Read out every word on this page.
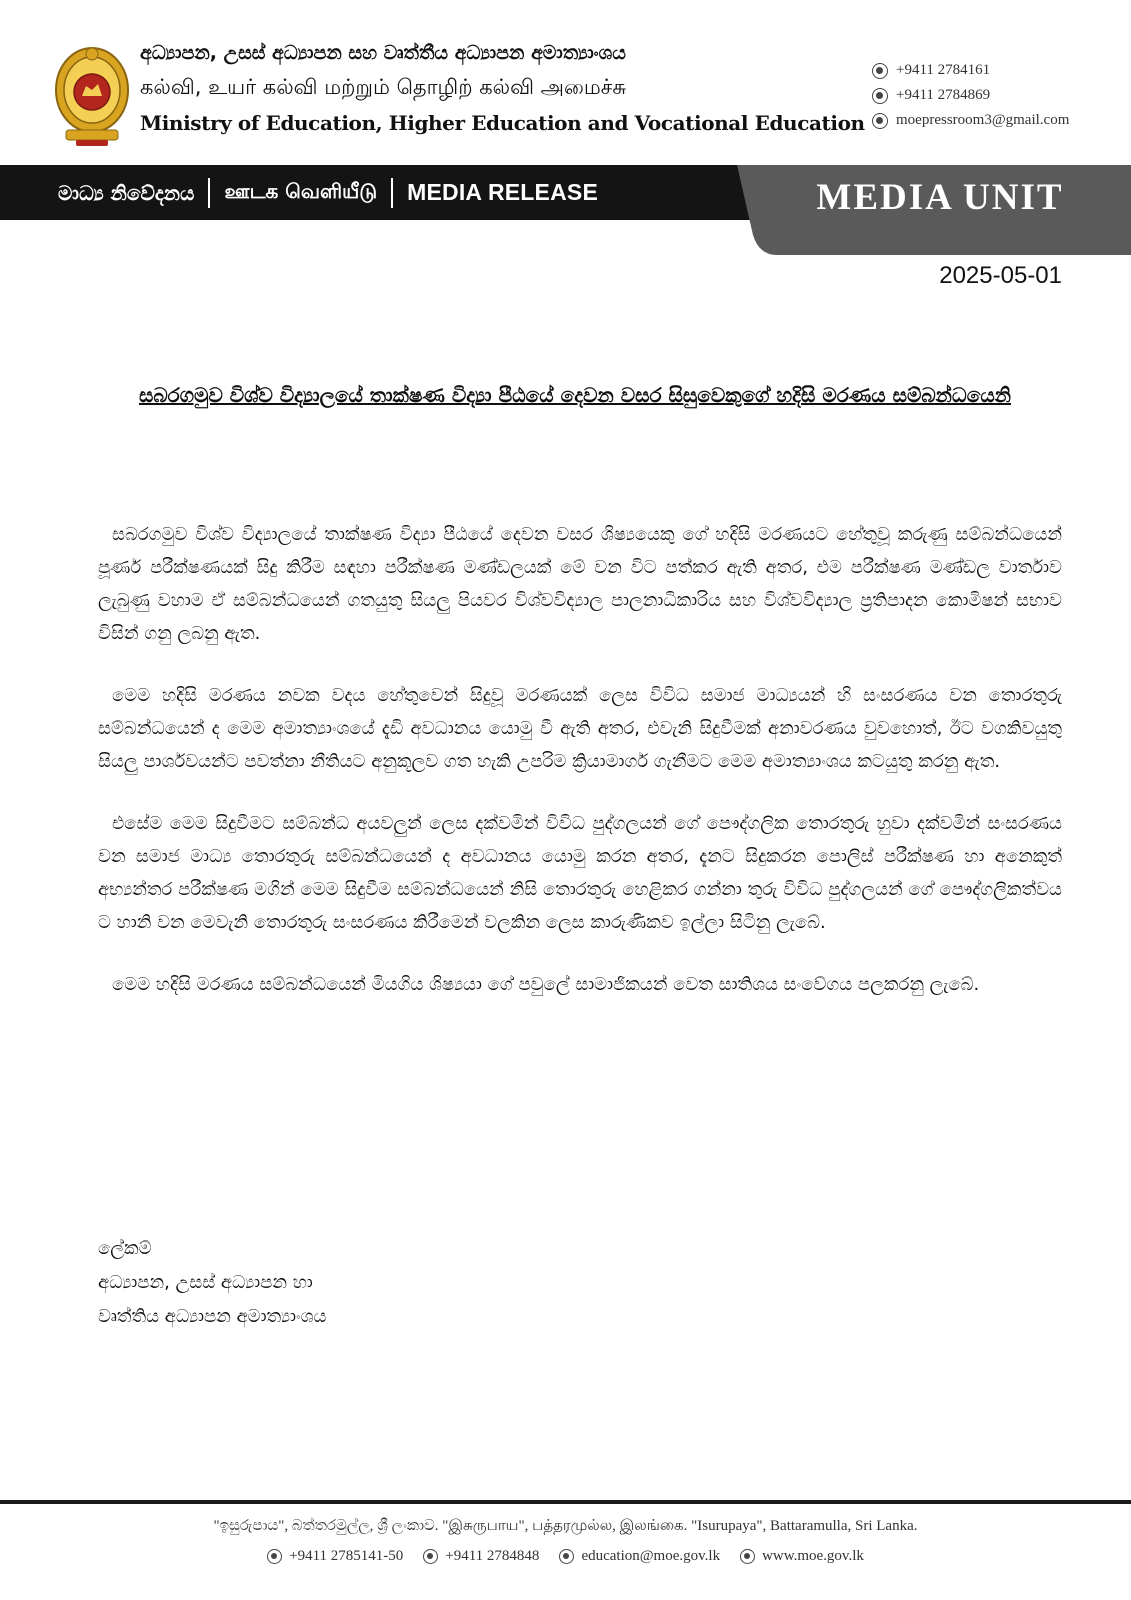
අධ්‍යාපන, උසස් අධ්‍යාපන සහ වෘත්තීය අධ්‍යාපන අමාත්‍යාංශය
கல்வி, உயர் கல்வி மற்றும் தொழிற் கல்வி அமைச்சு
Ministry of Education, Higher Education and Vocational Education
+9411 2784161
+9411 2784869
moepressroom3@gmail.com
මාධ්‍ය නිවේදනය ஊடக வெளியீடு MEDIA RELEASE	MEDIA UNIT
2025-05-01
සබරගමුව විශ්ව විද්‍යාලයේ තාක්ෂණ විද්‍යා පීඨයේ දෙවන වසර සිසුවෙකුගේ හදිසි මරණය සම්බන්ධයෙනි

සබරගමුව විශ්ව විද්‍යාලයේ තාක්ෂණ විද්‍යා පීඨයේ දෙවන වසර ශිෂ්‍යයෙකු ගේ හදිසි මරණයට හේතුවූ කරුණු සම්බන්ධයෙන් පූර්ණ පරීක්ෂණයක් සිදු කිරීම සඳහා පරීක්ෂණ මණ්ඩලයක් මේ වන විට පත්කර ඇති අතර, එම පරීක්ෂණ මණ්ඩල වාර්තාව ලැබුණු වහාම ඒ සම්බන්ධයෙන් ගතයුතු සියලු පියවර විශ්වවිද්‍යාල පාලනාධිකාරිය සහ විශ්වවිද්‍යාල ප්‍රතිපාදන කොමිෂන් සභාව විසින් ගනු ලබනු ඇත.

මෙම හදිසි මරණය නවක වදය හේතුවෙන් සිදුවූ මරණයක් ලෙස විවිධ සමාජ මාධ්‍යයන් හි සංසරණය වන තොරතුරු සම්බන්ධයෙන් ද මෙම අමාත්‍යාංශයේ දැඩි අවධානය යොමු වී ඇති අතර, එවැනි සිදුවීමක් අනාවරණය වුවහොත්, ඊට වගකිවයුතු සියලු පාර්ශවයන්ට පවත්නා නීතියට අනුකූලව ගත හැකි උපරිම ක්‍රියාමාර්ග ගැනීමට මෙම අමාත්‍යාංශය කටයුතු කරනු ඇත.

එසේම මෙම සිදුවීමට සම්බන්ධ අයවලුන් ලෙස දක්වමින් විවිධ පුද්ගලයන් ගේ පෞද්ගලික තොරතුරු හුවා දක්වමින් සංසරණය වන සමාජ මාධ්‍ය තොරතුරු සම්බන්ධයෙන් ද අවධානය යොමු කරන අතර, දැනට සිදුකරන පොලිස් පරීක්ෂණ හා අනෙකුත් අභ්‍යන්තර පරීක්ෂණ මගින් මෙම සිදුවීම සම්බන්ධයෙන් නිසි තොරතුරු හෙළිකර ගන්නා තුරු විවිධ පුද්ගලයන් ගේ පෞද්ගලිකත්වය ට හානි වන මෙවැනි තොරතුරු සංසරණය කිරීමෙන් වලකින ලෙස කාරුණිකව ඉල්ලා සිටිනු ලැබේ.

මෙම හදිසි මරණය සම්බන්ධයෙන් මියගිය ශිෂ්‍යයා ගේ පවුලේ සාමාජිකයන් වෙත සාතිශය සංවේගය පලකරනු ලැබේ.

ලේකම්
අධ්‍යාපන, උසස් අධ්‍යාපන හා
වෘත්තිය අධ්‍යාපන අමාත්‍යාංශය
"ඉසුරුපාය", බත්තරමුල්ල, ශ්‍රී ලංකාව. "இசுருபாய", பத்தரமுல்ல, இலங்கை. "Isurupaya", Battaramulla, Sri Lanka.
+9411 2785141-50	+9411 2784848	education@moe.gov.lk	www.moe.gov.lk
